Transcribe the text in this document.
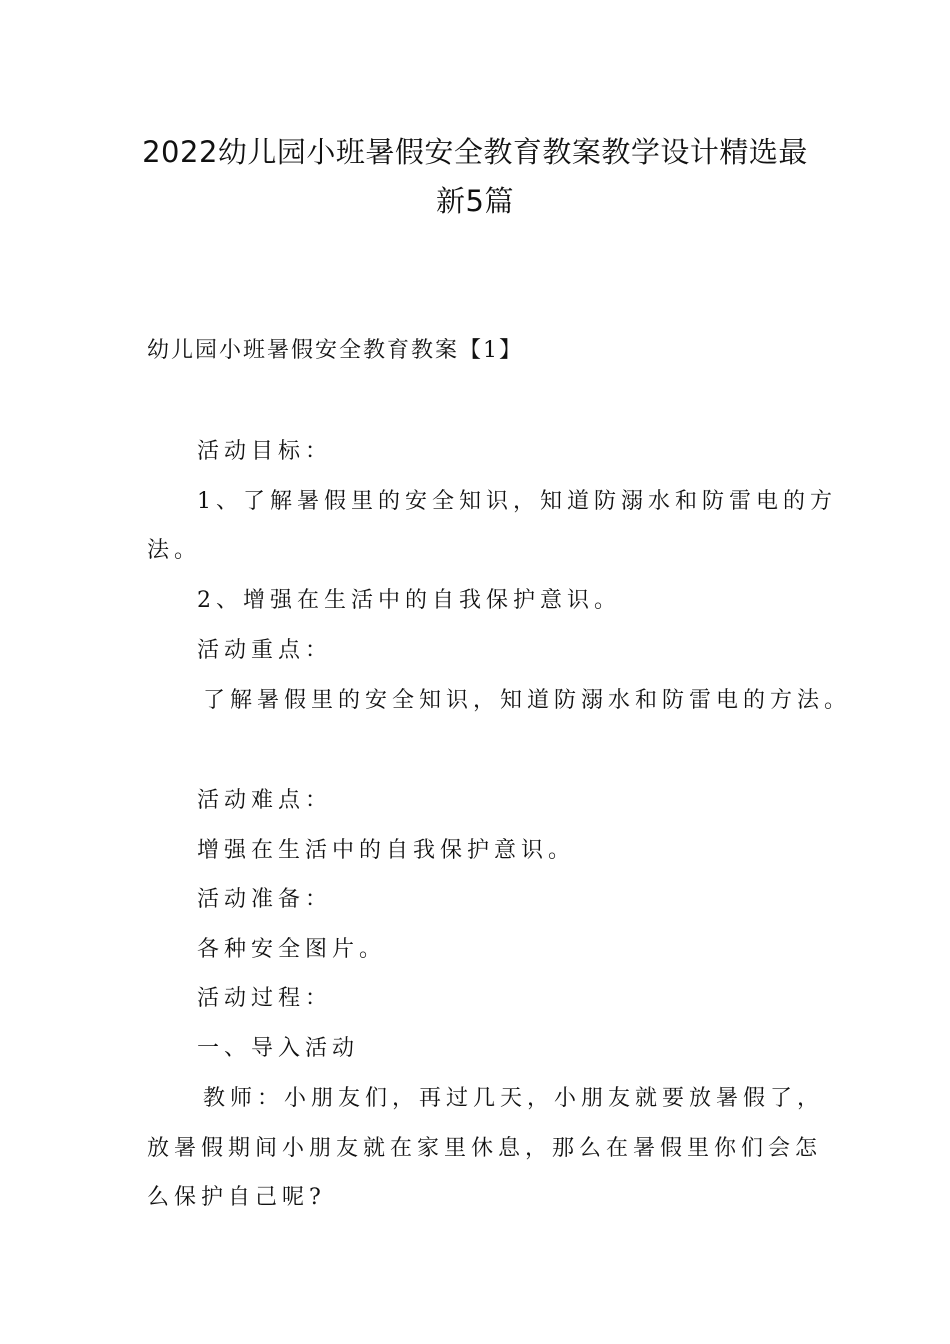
2022幼儿园小班暑假安全教育教案教学设计精选最
新5篇
幼儿园小班暑假安全教育教案【1】
活动目标：
1、了解暑假里的安全知识，知道防溺水和防雷电的方
法。
2、增强在生活中的自我保护意识。
活动重点：
了解暑假里的安全知识，知道防溺水和防雷电的方法。
活动难点：
增强在生活中的自我保护意识。
活动准备：
各种安全图片。
活动过程：
一、导入活动
教师：小朋友们，再过几天，小朋友就要放暑假了，
放暑假期间小朋友就在家里休息，那么在暑假里你们会怎
么保护自己呢?
